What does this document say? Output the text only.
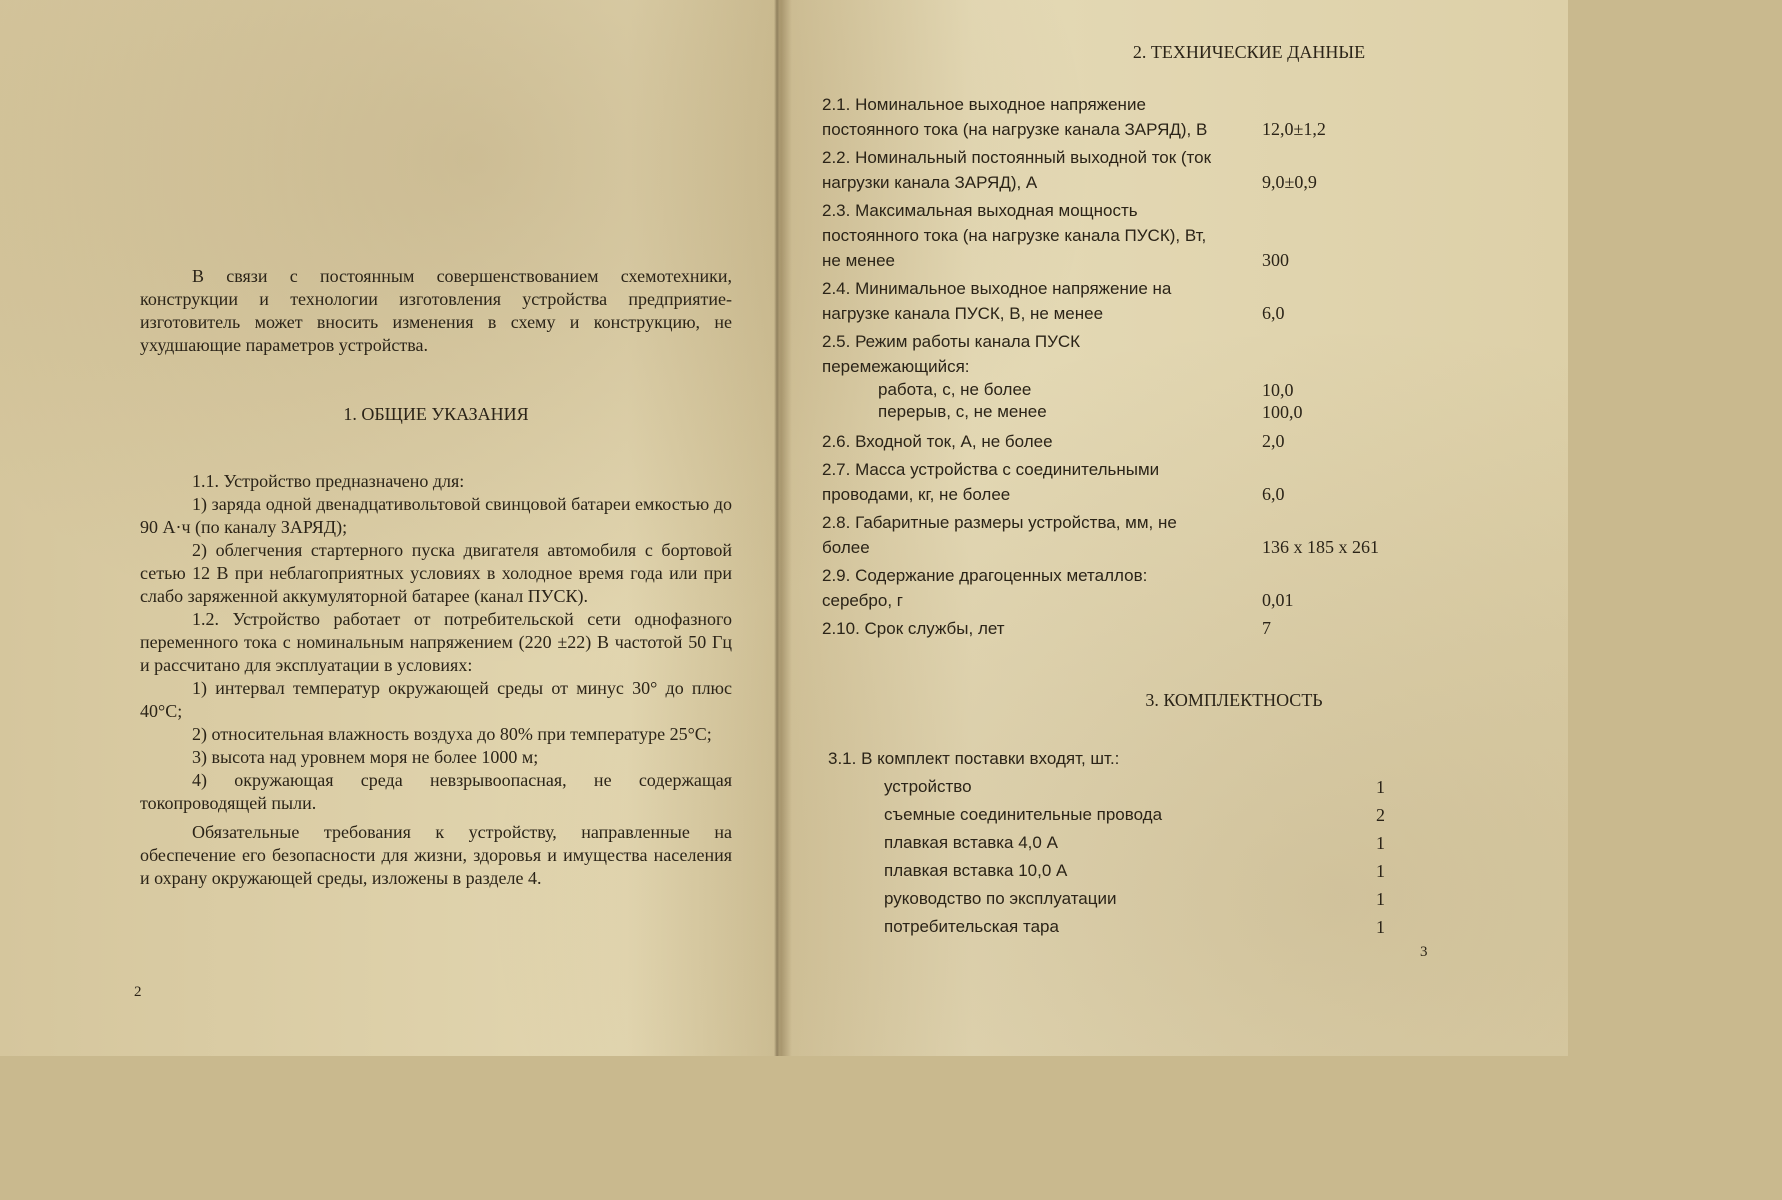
В связи с постоянным совершенствованием схемотехники, конструкции и технологии изготовления устройства предприятие-изготовитель может вносить изменения в схему и конструкцию, не ухудшающие параметров устройства.

1. ОБЩИЕ УКАЗАНИЯ

1.1. Устройство предназначено для:

1) заряда одной двенадцативольтовой свинцовой батареи емкостью до 90 А·ч (по каналу ЗАРЯД);

2) облегчения стартерного пуска двигателя автомобиля с бортовой сетью 12 В при неблагоприятных условиях в холодное время года или при слабо заряженной аккумуляторной батарее (канал ПУСК).

1.2. Устройство работает от потребительской сети однофазного переменного тока с номинальным напряжением (220 ±22) В частотой 50 Гц и рассчитано для эксплуатации в условиях:

1) интервал температур окружающей среды от минус 30° до плюс 40°С;

2) относительная влажность воздуха до 80% при температуре 25°С;

3) высота над уровнем моря не более 1000 м;

4) окружающая среда невзрывоопасная, не содержащая токопроводящей пыли.

Обязательные требования к устройству, направленные на обеспечение его безопасности для жизни, здоровья и имущества населения и охрану окружающей среды, изложены в разделе 4.

2
2. ТЕХНИЧЕСКИЕ ДАННЫЕ
2.1. Номинальное выходное напряжение постоянного тока (на нагрузке канала ЗАРЯД), В	12,0±1,2
2.2. Номинальный постоянный выходной ток (ток нагрузки канала ЗАРЯД), А	9,0±0,9
2.3. Максимальная выходная мощность постоянного тока (на нагрузке канала ПУСК), Вт, не менее	300
2.4. Минимальное выходное напряжение на нагрузке канала ПУСК, В, не менее	6,0
2.5. Режим работы канала ПУСК перемежающийся:
работа, с, не более	10,0
перерыв, с, не менее	100,0
2.6. Входной ток, А, не более	2,0
2.7. Масса устройства с соединительными проводами, кг, не более	6,0
2.8. Габаритные размеры устройства, мм, не более	136 х 185 х 261
2.9. Содержание драгоценных металлов: серебро, г	0,01
2.10. Срок службы, лет	7
3. КОМПЛЕКТНОСТЬ
3.1. В комплект поставки входят, шт.:
устройство	1
съемные соединительные провода	2
плавкая вставка 4,0 А	1
плавкая вставка 10,0 А	1
руководство по эксплуатации	1
потребительская тара	1
3
